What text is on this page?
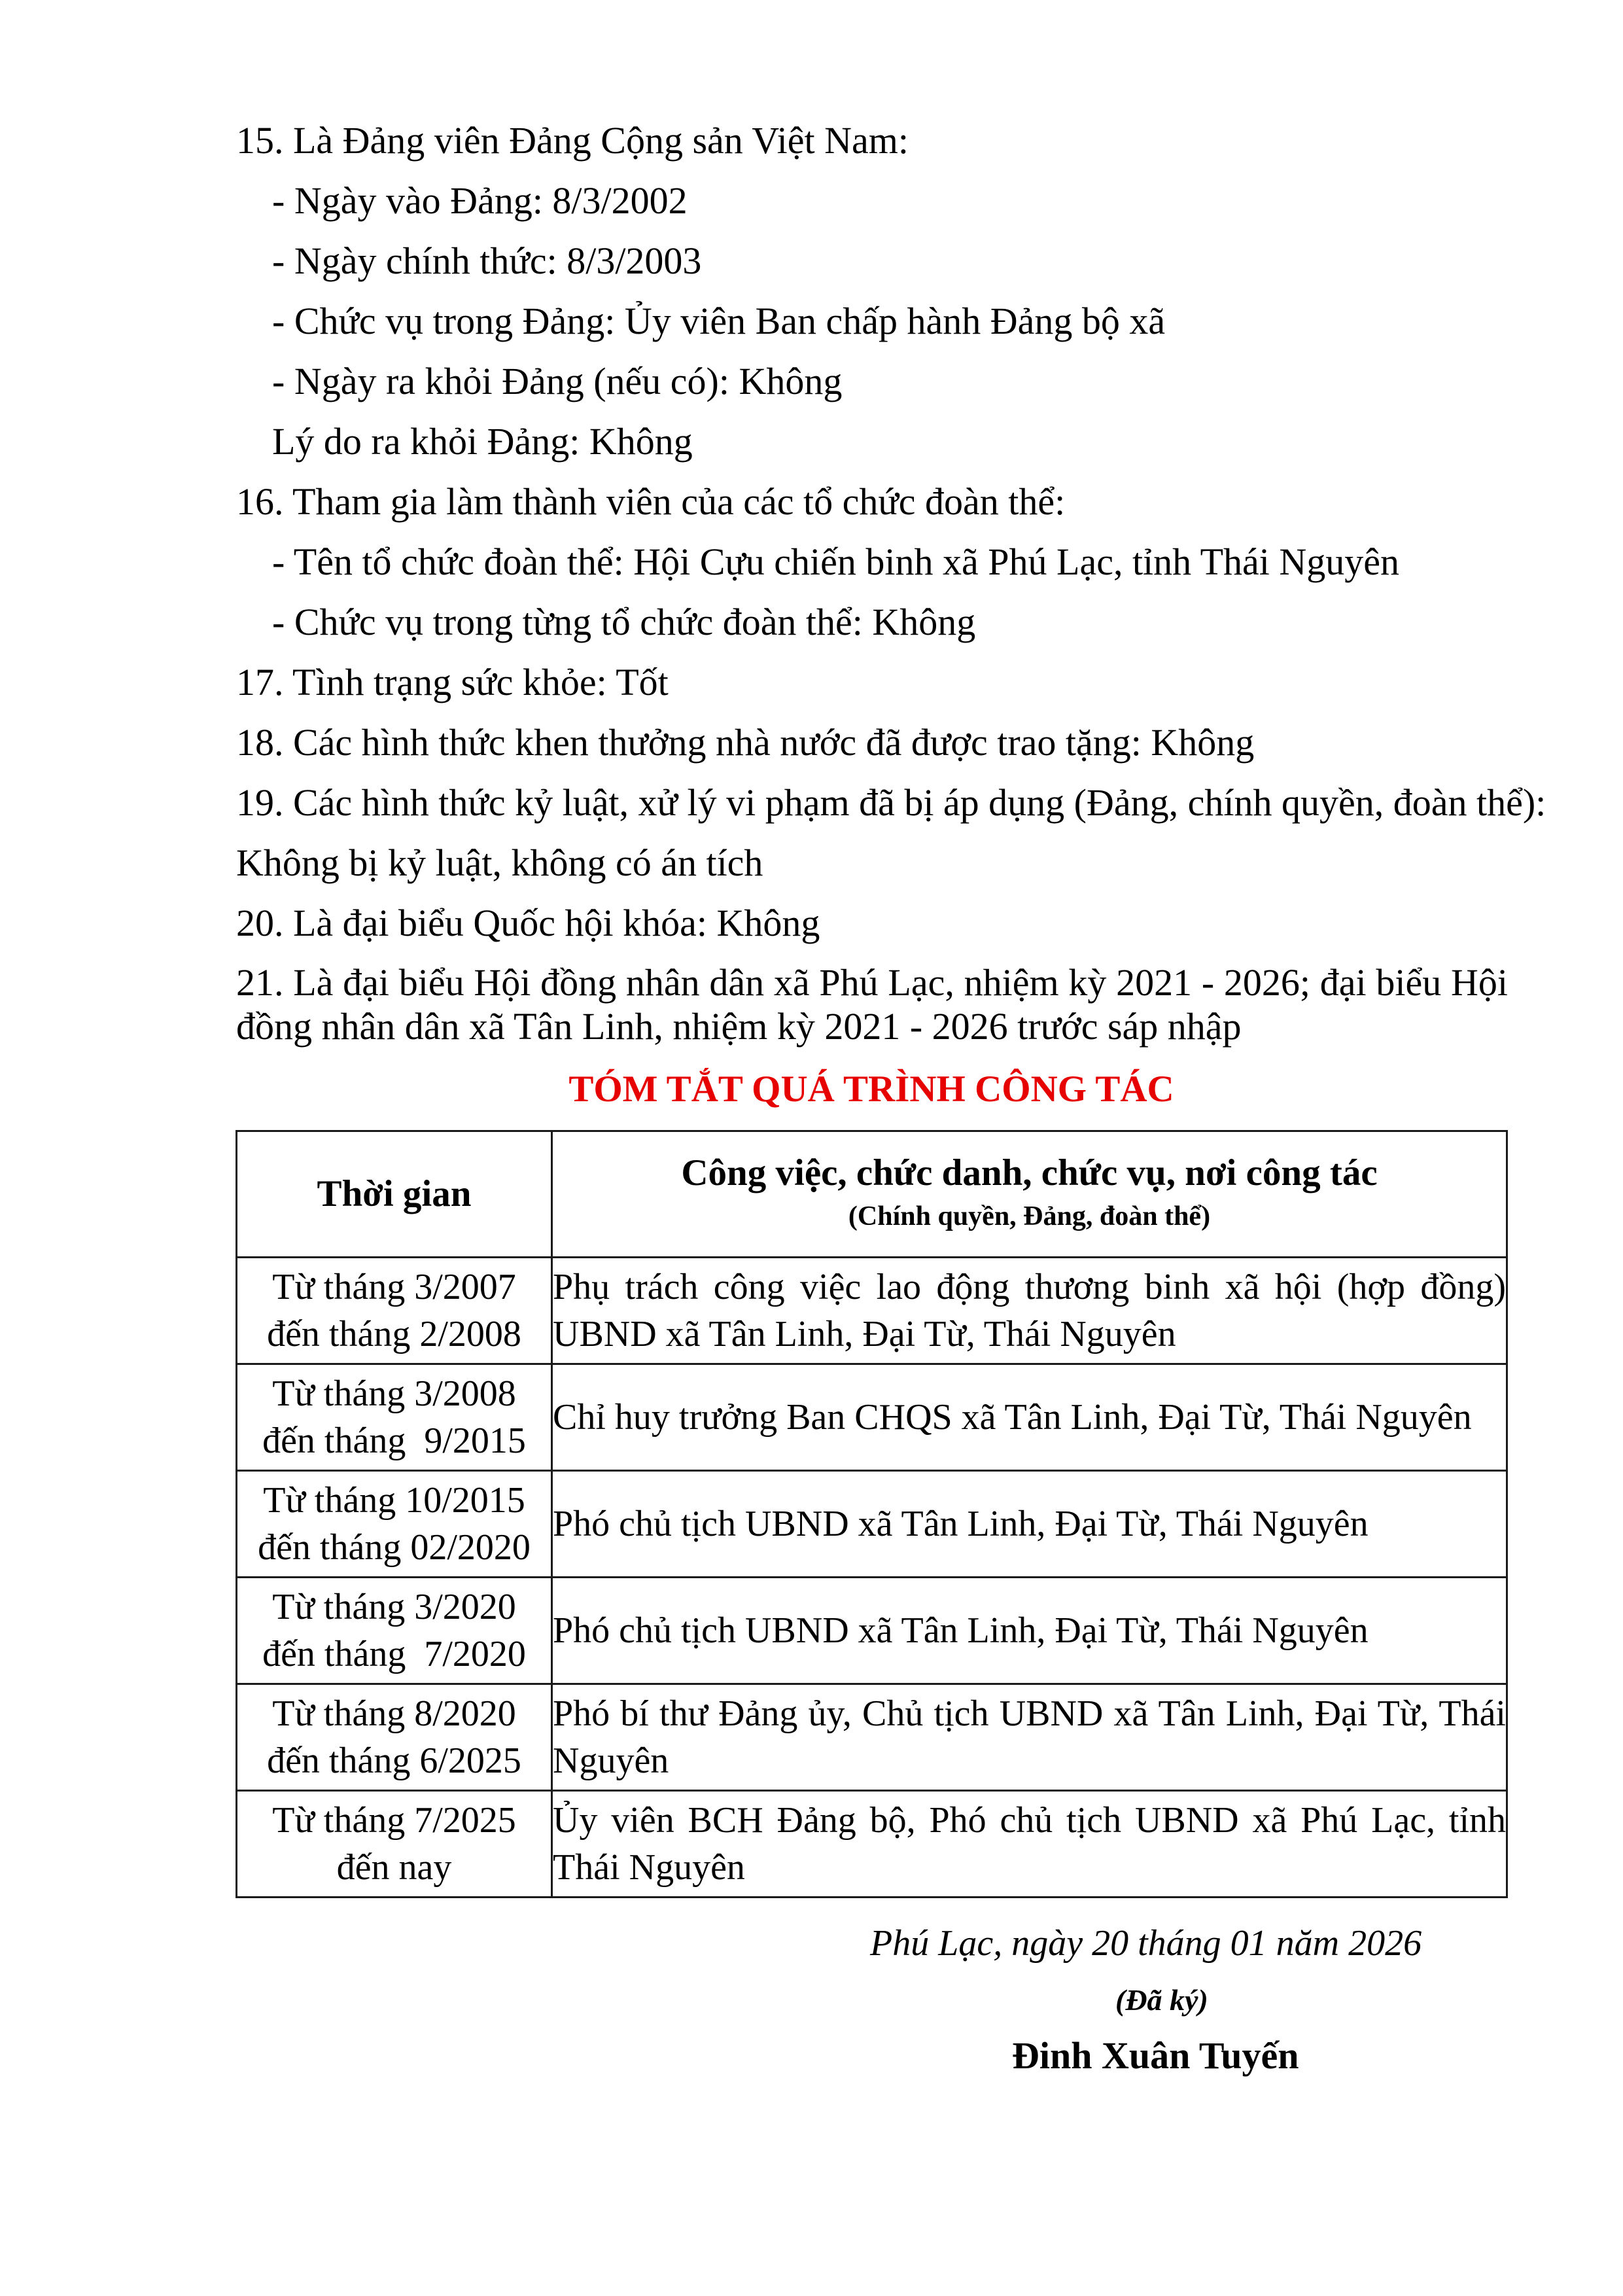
15. Là Đảng viên Đảng Cộng sản Việt Nam:
- Ngày vào Đảng: 8/3/2002
- Ngày chính thức: 8/3/2003
- Chức vụ trong Đảng: Ủy viên Ban chấp hành Đảng bộ xã
- Ngày ra khỏi Đảng (nếu có): Không
Lý do ra khỏi Đảng: Không
16. Tham gia làm thành viên của các tổ chức đoàn thể:
- Tên tổ chức đoàn thể: Hội Cựu chiến binh xã Phú Lạc, tỉnh Thái Nguyên
- Chức vụ trong từng tổ chức đoàn thể: Không
17. Tình trạng sức khỏe: Tốt
18. Các hình thức khen thưởng nhà nước đã được trao tặng: Không
19. Các hình thức kỷ luật, xử lý vi phạm đã bị áp dụng (Đảng, chính quyền, đoàn thể):
Không bị kỷ luật, không có án tích
20. Là đại biểu Quốc hội khóa: Không
21. Là đại biểu Hội đồng nhân dân xã Phú Lạc, nhiệm kỳ 2021 - 2026; đại biểu Hội đồng nhân dân xã Tân Linh, nhiệm kỳ 2021 - 2026 trước sáp nhập
TÓM TẮT QUÁ TRÌNH CÔNG TÁC
Thời gian	Công việc, chức danh, chức vụ, nơi công tác
(Chính quyền, Đảng, đoàn thể)

Từ tháng 3/2007
đến tháng 2/2008	Phụ trách công việc lao động thương binh xã hội (hợp đồng) UBND xã Tân Linh, Đại Từ, Thái Nguyên

Từ tháng 3/2008
đến tháng  9/2015	Chỉ huy trưởng Ban CHQS xã Tân Linh, Đại Từ, Thái Nguyên

Từ tháng 10/2015
đến tháng 02/2020	Phó chủ tịch UBND xã Tân Linh, Đại Từ, Thái Nguyên

Từ tháng 3/2020
đến tháng  7/2020	Phó chủ tịch UBND xã Tân Linh, Đại Từ, Thái Nguyên

Từ tháng 8/2020
đến tháng 6/2025	Phó bí thư Đảng ủy, Chủ tịch UBND xã Tân Linh, Đại Từ, Thái Nguyên

Từ tháng 7/2025
đến nay	Ủy viên BCH Đảng bộ, Phó chủ tịch UBND xã Phú Lạc, tỉnh Thái Nguyên
Phú Lạc, ngày 20 tháng 01 năm 2026
(Đã ký)
Đinh Xuân Tuyến
